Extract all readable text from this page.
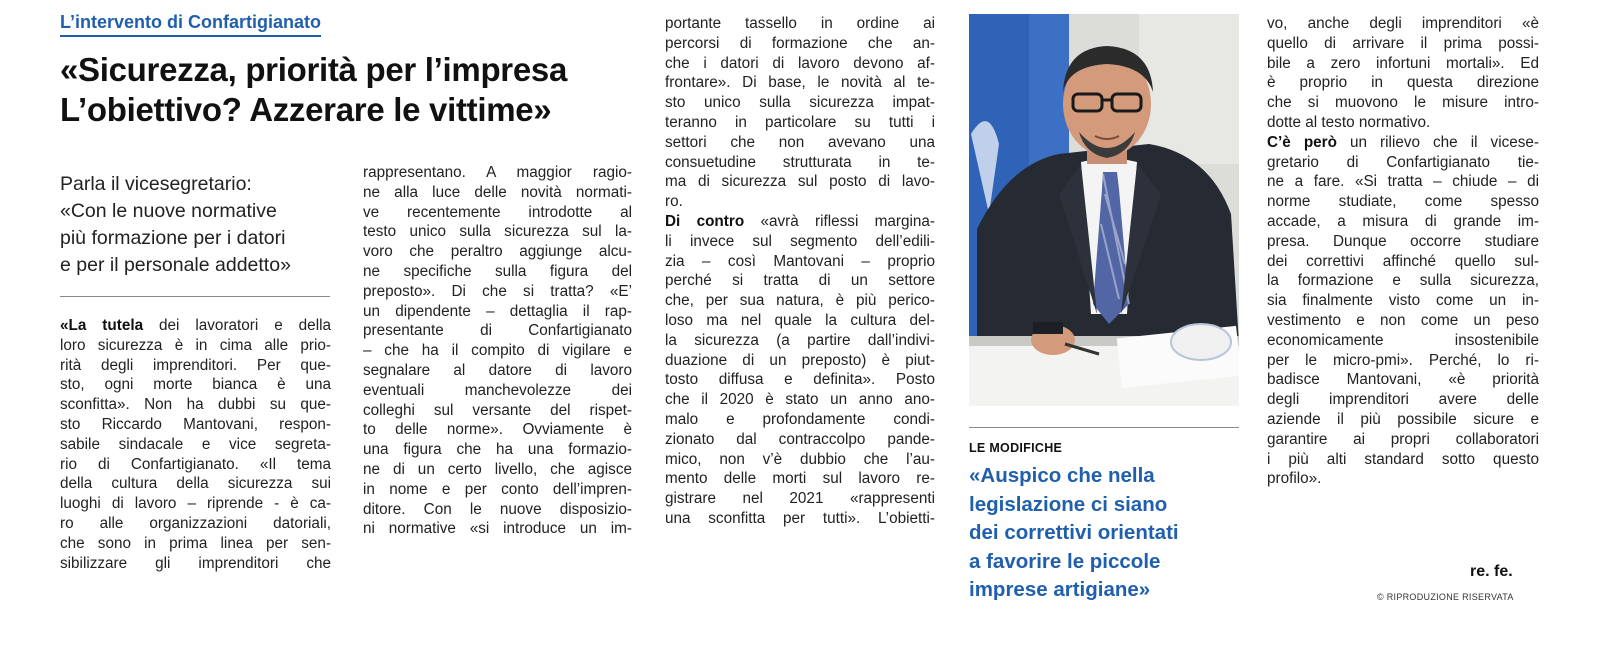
L’intervento di Confartigianato
«Sicurezza, priorità per l’impresa
L’obiettivo? Azzerare le vittime»
Parla il vicesegretario:
«Con le nuove normative
più formazione per i datori
e per il personale addetto»
«La tutela dei lavoratori e della
loro sicurezza è in cima alle prio-
rità degli imprenditori. Per que-
sto, ogni morte bianca è una
sconfitta». Non ha dubbi su que-
sto Riccardo Mantovani, respon-
sabile sindacale e vice segreta-
rio di Confartigianato. «Il tema
della cultura della sicurezza sui
luoghi di lavoro – riprende - è ca-
ro alle organizzazioni datoriali,
che sono in prima linea per sen-
sibilizzare gli imprenditori che
rappresentano. A maggior ragio-
ne alla luce delle novità normati-
ve recentemente introdotte al
testo unico sulla sicurezza sul la-
voro che peraltro aggiunge alcu-
ne specifiche sulla figura del
preposto». Di che si tratta? «E’
un dipendente – dettaglia il rap-
presentante di Confartigianato
– che ha il compito di vigilare e
segnalare al datore di lavoro
eventuali manchevolezze dei
colleghi sul versante del rispet-
to delle norme». Ovviamente è
una figura che ha una formazio-
ne di un certo livello, che agisce
in nome e per conto dell’impren-
ditore. Con le nuove disposizio-
ni normative «si introduce un im-
portante tassello in ordine ai
percorsi di formazione che an-
che i datori di lavoro devono af-
frontare». Di base, le novità al te-
sto unico sulla sicurezza impat-
teranno in particolare su tutti i
settori che non avevano una
consuetudine strutturata in te-
ma di sicurezza sul posto di lavo-
ro.
Di contro «avrà riflessi margina-
li invece sul segmento dell’edili-
zia – così Mantovani – proprio
perché si tratta di un settore
che, per sua natura, è più perico-
loso ma nel quale la cultura del-
la sicurezza (a partire dall’indivi-
duazione di un preposto) è piut-
tosto diffusa e definita». Posto
che il 2020 è stato un anno ano-
malo e profondamente condi-
zionato dal contraccolpo pande-
mico, non v’è dubbio che l’au-
mento delle morti sul lavoro re-
gistrare nel 2021 «rappresenti
una sconfitta per tutti». L’obietti-
LE MODIFICHE
«Auspico che nella
legislazione ci siano
dei correttivi orientati
a favorire le piccole
imprese artigiane»
vo, anche degli imprenditori «è
quello di arrivare il prima possi-
bile a zero infortuni mortali». Ed
è proprio in questa direzione
che si muovono le misure intro-
dotte al testo normativo.
C’è però un rilievo che il vicese-
gretario di Confartigianato tie-
ne a fare. «Si tratta – chiude – di
norme studiate, come spesso
accade, a misura di grande im-
presa. Dunque occorre studiare
dei correttivi affinché quello sul-
la formazione e sulla sicurezza,
sia finalmente visto come un in-
vestimento e non come un peso
economicamente insostenibile
per le micro-pmi». Perché, lo ri-
badisce Mantovani, «è priorità
degli imprenditori avere delle
aziende il più possibile sicure e
garantire ai propri collaboratori
i più alti standard sotto questo
profilo».
re. fe.
© RIPRODUZIONE RISERVATA
